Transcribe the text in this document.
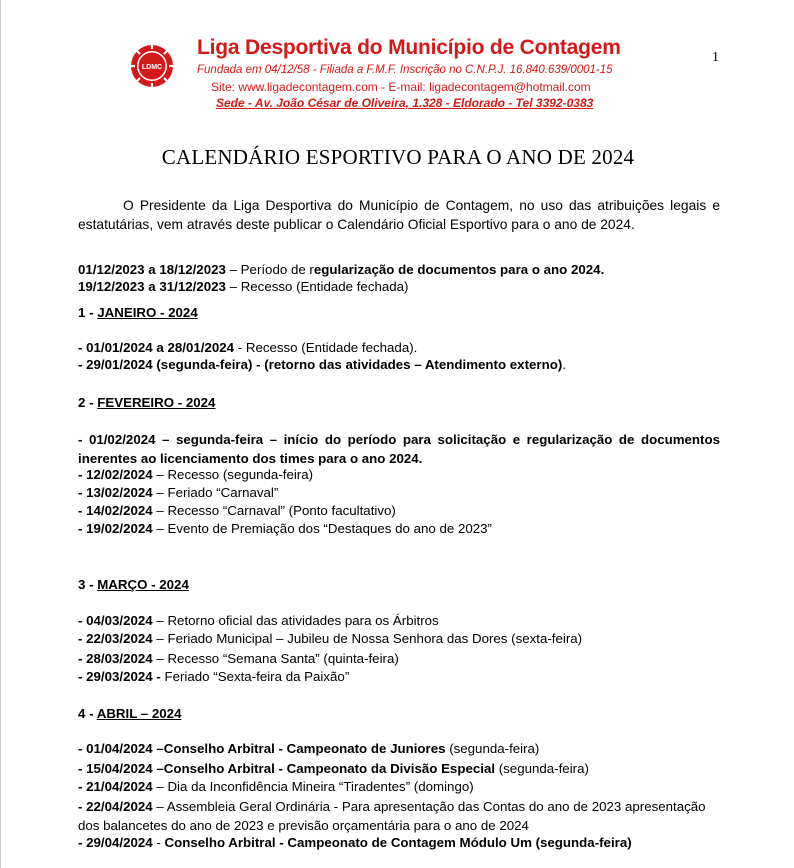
LDMC
Liga Desportiva do Município de Contagem
Fundada em 04/12/58 - Filiada a F.M.F. Inscrição no C.N.P.J. 16.840.639/0001-15
Site: www.ligadecontagem.com - E-mail: ligadecontagem@hotmail.com
Sede - Av. João César de Oliveira, 1.328 - Eldorado - Tel 3392-0383
1
CALENDÁRIO ESPORTIVO PARA O ANO DE 2024
O Presidente da Liga Desportiva do Município de Contagem, no uso das atribuições legais e estatutárias, vem através deste publicar o Calendário Oficial Esportivo para o ano de 2024.
01/12/2023 a 18/12/2023 – Período de regularização de documentos para o ano 2024.
19/12/2023 a 31/12/2023 – Recesso (Entidade fechada)
1 - JANEIRO - 2024
- 01/01/2024 a 28/01/2024 - Recesso (Entidade fechada).
- 29/01/2024 (segunda-feira) - (retorno das atividades – Atendimento externo).
2 - FEVEREIRO - 2024
- 01/02/2024 – segunda-feira – início do período para solicitação e regularização de documentos inerentes ao licenciamento dos times para o ano 2024.
- 12/02/2024 – Recesso (segunda-feira)
- 13/02/2024 – Feriado “Carnaval”
- 14/02/2024 – Recesso “Carnaval” (Ponto facultativo)
- 19/02/2024 – Evento de Premiação dos “Destaques do ano de 2023”
3 - MARÇO - 2024
- 04/03/2024 – Retorno oficial das atividades para os Árbitros
- 22/03/2024 – Feriado Municipal – Jubileu de Nossa Senhora das Dores (sexta-feira)
- 28/03/2024 – Recesso “Semana Santa” (quinta-feira)
- 29/03/2024 - Feriado “Sexta-feira da Paixão”
4 - ABRIL – 2024
- 01/04/2024 –Conselho Arbitral - Campeonato de Juniores (segunda-feira)
- 15/04/2024 –Conselho Arbitral - Campeonato da Divisão Especial (segunda-feira)
- 21/04/2024 – Dia da Inconfidência Mineira “Tiradentes” (domingo)
- 22/04/2024 – Assembleia Geral Ordinária - Para apresentação das Contas do ano de 2023 apresentação dos balancetes do ano de 2023 e previsão orçamentária para o ano de 2024
- 29/04/2024 - Conselho Arbitral - Campeonato de Contagem Módulo Um (segunda-feira)
